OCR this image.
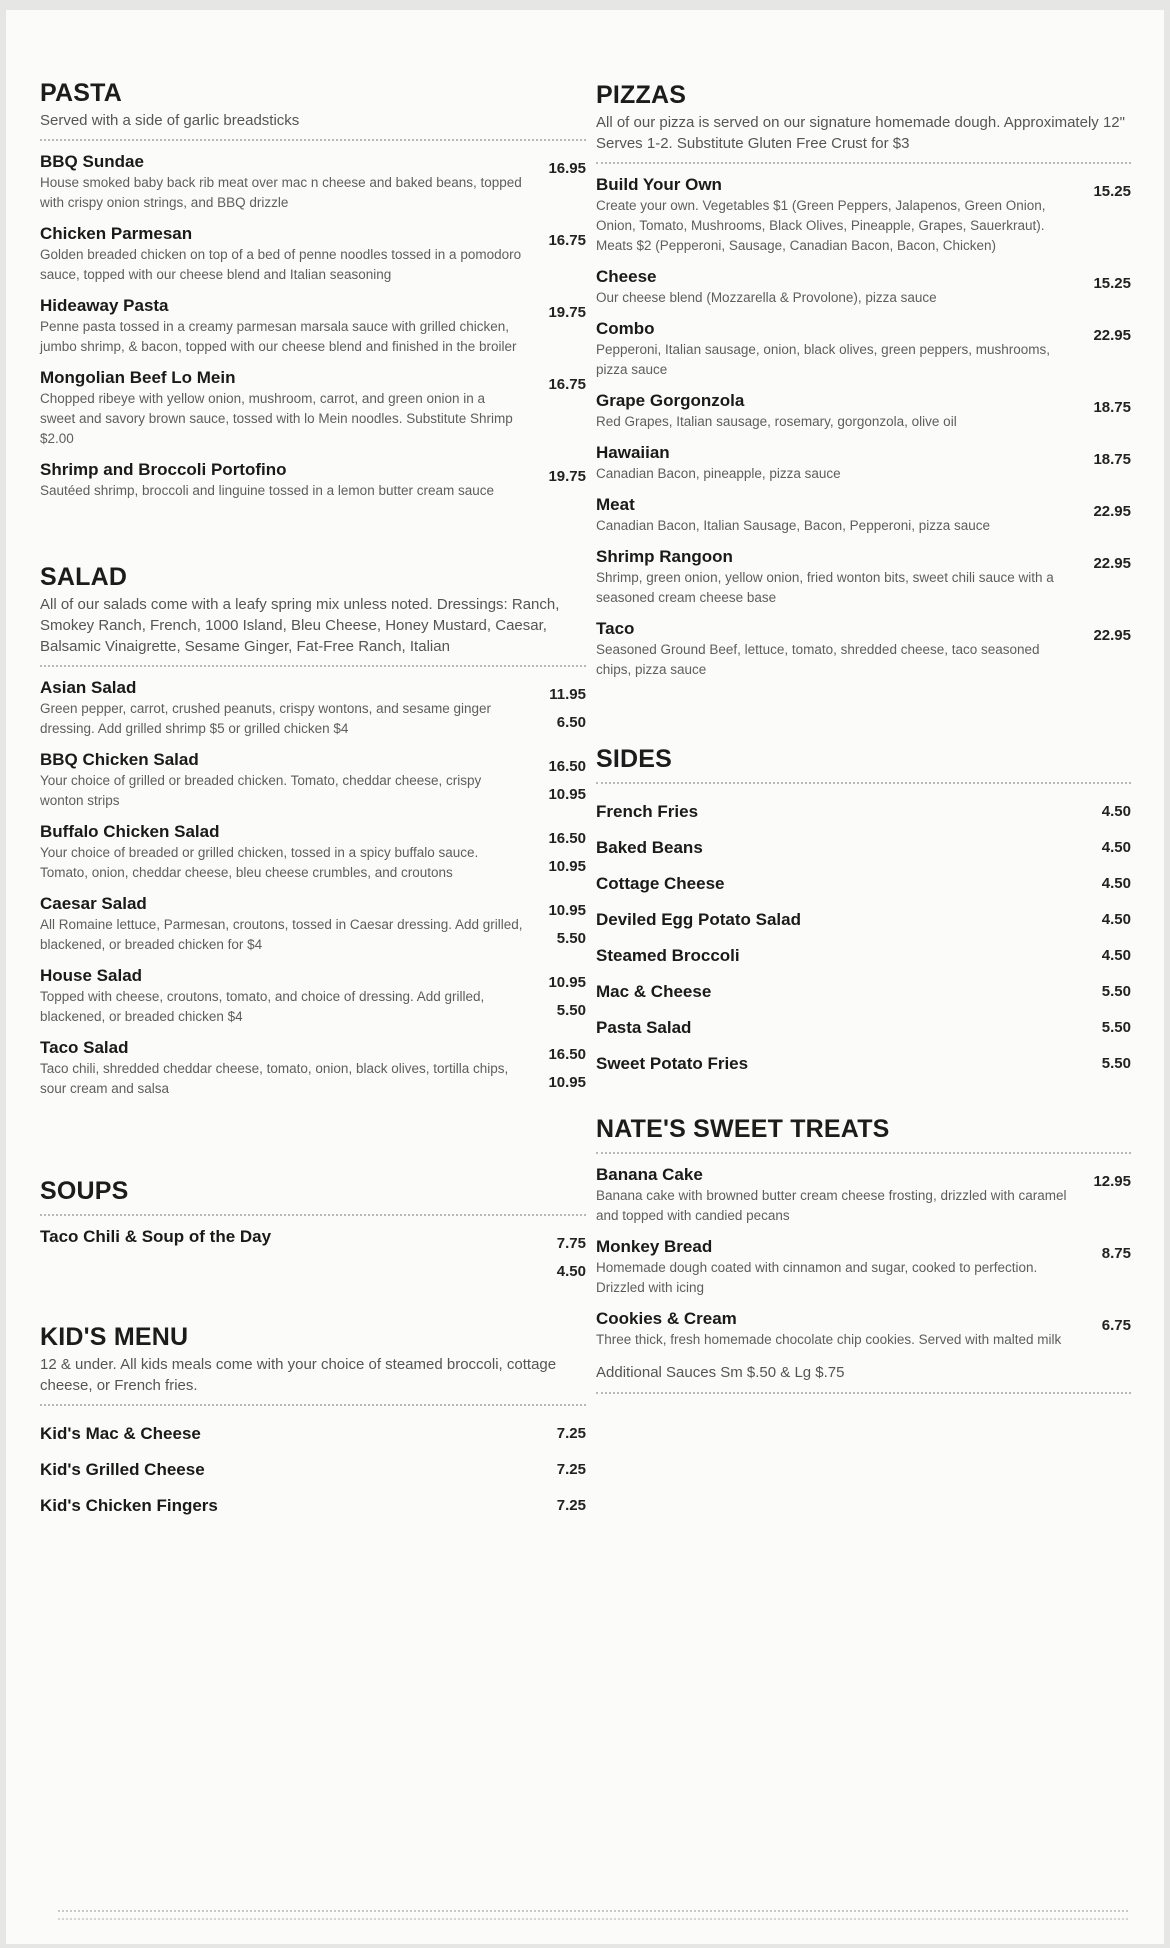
PASTA
Served with a side of garlic breadsticks
BBQ Sundae
House smoked baby back rib meat over mac n cheese and baked beans, topped with crispy onion strings, and BBQ drizzle
16.95
Chicken Parmesan
Golden breaded chicken on top of a bed of penne noodles tossed in a pomodoro sauce, topped with our cheese blend and Italian seasoning
16.75
Hideaway Pasta
Penne pasta tossed in a creamy parmesan marsala sauce with grilled chicken, jumbo shrimp, & bacon, topped with our cheese blend and finished in the broiler
19.75
Mongolian Beef Lo Mein
Chopped ribeye with yellow onion, mushroom, carrot, and green onion in a sweet and savory brown sauce, tossed with lo Mein noodles. Substitute Shrimp $2.00
16.75
Shrimp and Broccoli Portofino
Sautéed shrimp, broccoli and linguine tossed in a lemon butter cream sauce
19.75
SALAD
All of our salads come with a leafy spring mix unless noted. Dressings: Ranch, Smokey Ranch, French, 1000 Island, Bleu Cheese, Honey Mustard, Caesar, Balsamic Vinaigrette, Sesame Ginger, Fat-Free Ranch, Italian
Asian Salad
Green pepper, carrot, crushed peanuts, crispy wontons, and sesame ginger dressing. Add grilled shrimp $5 or grilled chicken $4
11.95
6.50
BBQ Chicken Salad
Your choice of grilled or breaded chicken. Tomato, cheddar cheese, crispy wonton strips
16.50
10.95
Buffalo Chicken Salad
Your choice of breaded or grilled chicken, tossed in a spicy buffalo sauce. Tomato, onion, cheddar cheese, bleu cheese crumbles, and croutons
16.50
10.95
Caesar Salad
All Romaine lettuce, Parmesan, croutons, tossed in Caesar dressing. Add grilled, blackened, or breaded chicken for $4
10.95
5.50
House Salad
Topped with cheese, croutons, tomato, and choice of dressing. Add grilled, blackened, or breaded chicken $4
10.95
5.50
Taco Salad
Taco chili, shredded cheddar cheese, tomato, onion, black olives, tortilla chips, sour cream and salsa
16.50
10.95
SOUPS
Taco Chili & Soup of the Day	7.75
4.50
KID'S MENU
12 & under. All kids meals come with your choice of steamed broccoli, cottage cheese, or French fries.
Kid's Mac & Cheese	7.25
Kid's Grilled Cheese	7.25
Kid's Chicken Fingers	7.25
PIZZAS
All of our pizza is served on our signature homemade dough. Approximately 12" Serves 1-2. Substitute Gluten Free Crust for $3
Build Your Own
Create your own. Vegetables $1 (Green Peppers, Jalapenos, Green Onion, Onion, Tomato, Mushrooms, Black Olives, Pineapple, Grapes, Sauerkraut). Meats $2 (Pepperoni, Sausage, Canadian Bacon, Bacon, Chicken)
15.25
Cheese
Our cheese blend (Mozzarella & Provolone), pizza sauce
15.25
Combo
Pepperoni, Italian sausage, onion, black olives, green peppers, mushrooms, pizza sauce
22.95
Grape Gorgonzola
Red Grapes, Italian sausage, rosemary, gorgonzola, olive oil
18.75
Hawaiian
Canadian Bacon, pineapple, pizza sauce
18.75
Meat
Canadian Bacon, Italian Sausage, Bacon, Pepperoni, pizza sauce
22.95
Shrimp Rangoon
Shrimp, green onion, yellow onion, fried wonton bits, sweet chili sauce with a seasoned cream cheese base
22.95
Taco
Seasoned Ground Beef, lettuce, tomato, shredded cheese, taco seasoned chips, pizza sauce
22.95
SIDES
French Fries	4.50
Baked Beans	4.50
Cottage Cheese	4.50
Deviled Egg Potato Salad	4.50
Steamed Broccoli	4.50
Mac & Cheese	5.50
Pasta Salad	5.50
Sweet Potato Fries	5.50
NATE'S SWEET TREATS
Banana Cake
Banana cake with browned butter cream cheese frosting, drizzled with caramel and topped with candied pecans
12.95
Monkey Bread
Homemade dough coated with cinnamon and sugar, cooked to perfection. Drizzled with icing
8.75
Cookies & Cream
Three thick, fresh homemade chocolate chip cookies. Served with malted milk
6.75
Additional Sauces Sm $.50 & Lg $.75
